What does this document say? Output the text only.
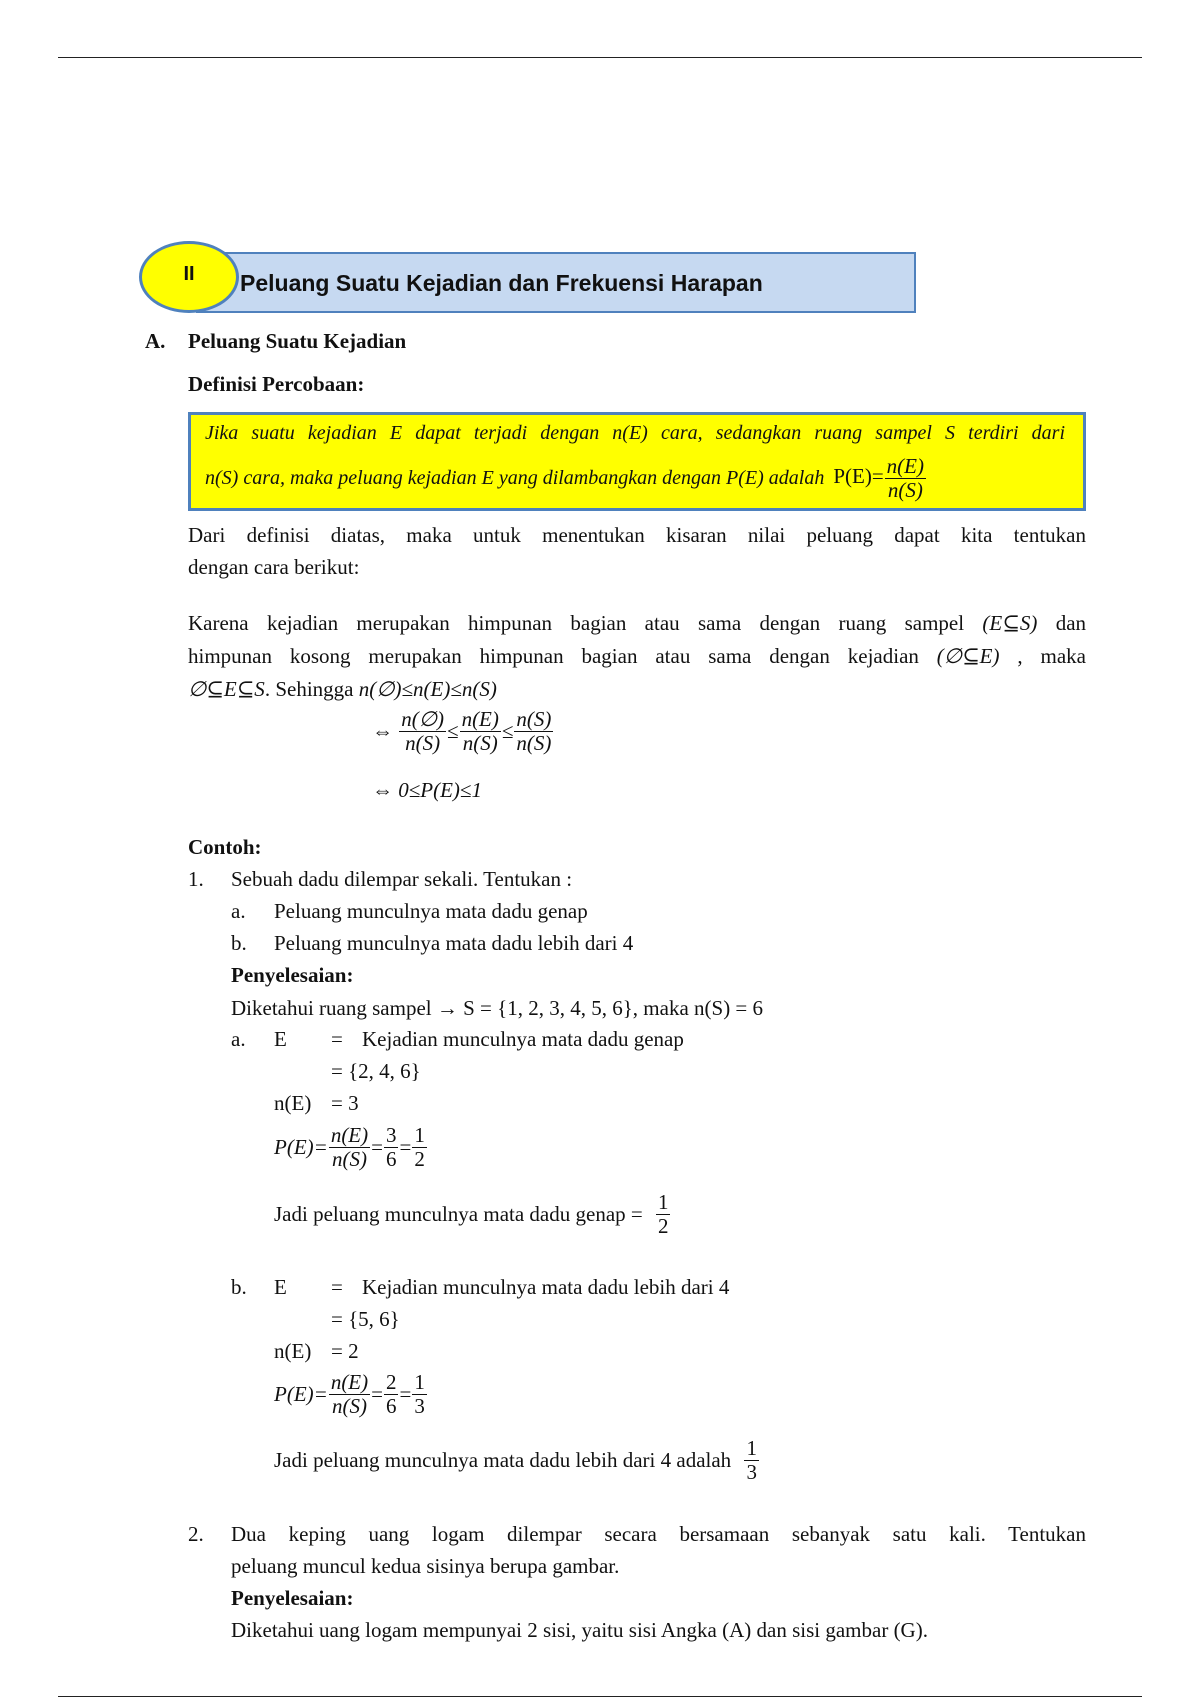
Peluang Suatu Kejadian dan Frekuensi Harapan
II
A. Peluang Suatu Kejadian
Definisi Percobaan:
Jika suatu kejadian E dapat terjadi dengan n(E) cara, sedangkan ruang sampel S terdiri dari
n(S) cara, maka peluang kejadian E yang dilambangkan dengan P(E) adalah $P(E)= \frac{n(E)}{n(S)}$
Dari definisi diatas, maka untuk menentukan kisaran nilai peluang dapat kita tentukan
dengan cara berikut:
Karena kejadian merupakan himpunan bagian atau sama dengan ruang sampel (E⊆S) dan
himpunan kosong merupakan himpunan bagian atau sama dengan kejadian (∅⊆E) , maka
∅⊆E⊆S. Sehingga n(∅)≤n(E)≤n(S)
⇔ $\frac{n(\emptyset)}{n(S)} \le \frac{n(E)}{n(S)} \le \frac{n(S)}{n(S)}$
⇔ 0≤P(E)≤1
Contoh:
1. Sebuah dadu dilempar sekali. Tentukan :
a. Peluang munculnya mata dadu genap
b. Peluang munculnya mata dadu lebih dari 4
Penyelesaian:
Diketahui ruang sampel → S = {1, 2, 3, 4, 5, 6}, maka n(S) = 6
a. E = Kejadian munculnya mata dadu genap
= {2, 4, 6}
n(E) = 3
$P(E)= \frac{n(E)}{n(S)} = \frac{3}{6} = \frac{1}{2}$
Jadi peluang munculnya mata dadu genap = $\frac{1}{2}$
b. E = Kejadian munculnya mata dadu lebih dari 4
= {5, 6}
n(E) = 2
$P(E)= \frac{n(E)}{n(S)} = \frac{2}{6} = \frac{1}{3}$
Jadi peluang munculnya mata dadu lebih dari 4 adalah $\frac{1}{3}$
2. Dua keping uang logam dilempar secara bersamaan sebanyak satu kali. Tentukan
peluang muncul kedua sisinya berupa gambar.
Penyelesaian:
Diketahui uang logam mempunyai 2 sisi, yaitu sisi Angka (A) dan sisi gambar (G).
